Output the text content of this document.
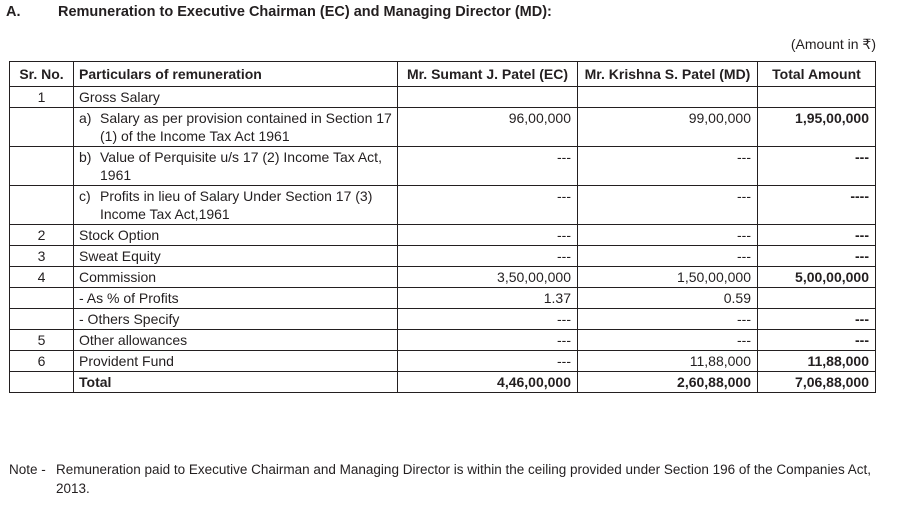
A.	Remuneration to Executive Chairman (EC) and Managing Director (MD):
(Amount in ₹)
Sr. No.	Particulars of remuneration	Mr. Sumant J. Patel (EC)	Mr. Krishna S. Patel (MD)	Total Amount
1	Gross Salary			

	a) Salary as per provision contained in Section 17 (1) of the Income Tax Act 1961	96,00,000	99,00,000	1,95,00,000

	b) Value of Perquisite u/s 17 (2) Income Tax Act, 1961	---	---	---

	c) Profits in lieu of Salary Under Section 17 (3) Income Tax Act,1961	---	---	----
2	Stock Option	---	---	---
3	Sweat Equity	---	---	---
4	Commission	3,50,00,000	1,50,00,000	5,00,00,000
	- As % of Profits	1.37	0.59	
	- Others Specify	---	---	---
5	Other allowances	---	---	---
6	Provident Fund	---	11,88,000	11,88,000
	Total	4,46,00,000	2,60,88,000	7,06,88,000
Note - Remuneration paid to Executive Chairman and Managing Director is within the ceiling provided under Section 196 of the Companies Act, 2013.
